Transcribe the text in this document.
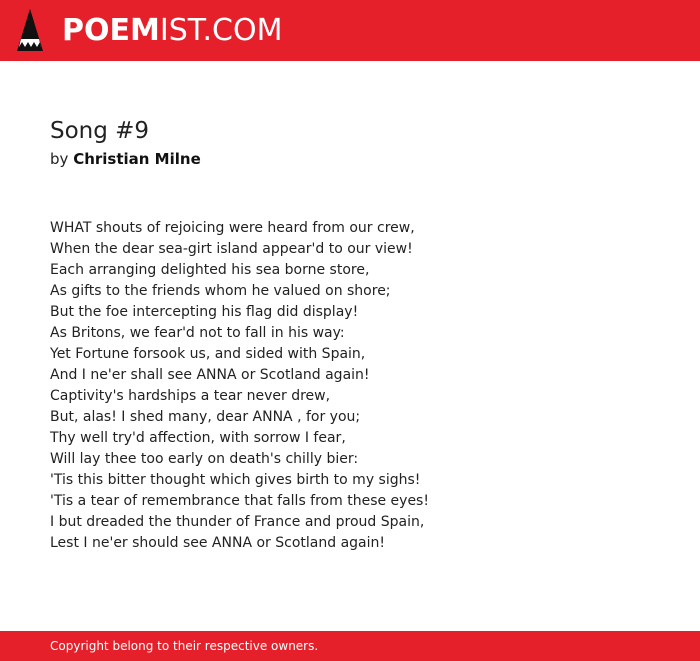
POEMIST.COM
Song #9
by Christian Milne
WHAT shouts of rejoicing were heard from our crew,
When the dear sea-girt island appear'd to our view!
Each arranging delighted his sea borne store,
As gifts to the friends whom he valued on shore;
But the foe intercepting his flag did display!
As Britons, we fear'd not to fall in his way:
Yet Fortune forsook us, and sided with Spain,
And I ne'er shall see ANNA or Scotland again!
Captivity's hardships a tear never drew,
But, alas! I shed many, dear ANNA , for you;
Thy well try'd affection, with sorrow I fear,
Will lay thee too early on death's chilly bier:
'Tis this bitter thought which gives birth to my sighs!
'Tis a tear of remembrance that falls from these eyes!
I but dreaded the thunder of France and proud Spain,
Lest I ne'er should see ANNA or Scotland again!
Copyright belong to their respective owners.
